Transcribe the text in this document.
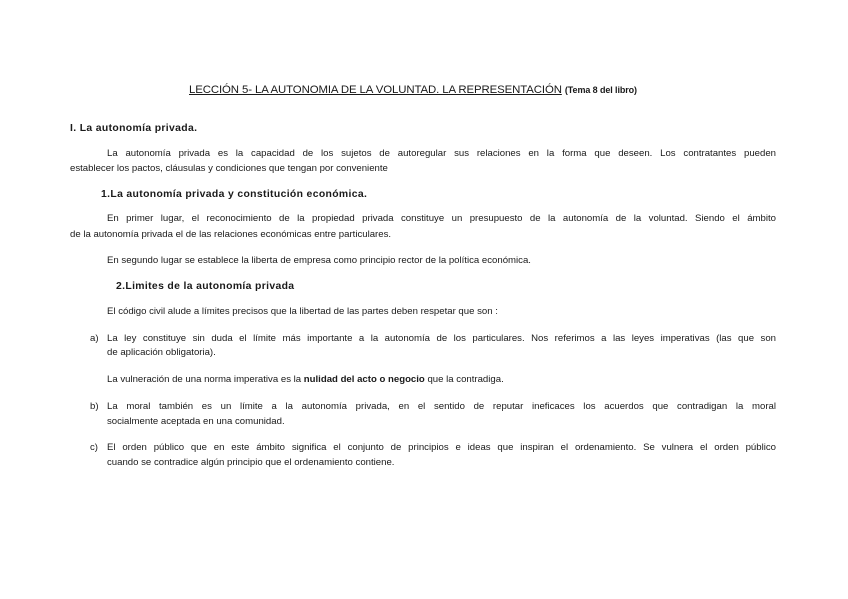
LECCIÓN 5- LA AUTONOMIA DE LA VOLUNTAD. LA REPRESENTACIÓN (Tema 8 del libro)
I. La autonomía privada.
La autonomía privada es la capacidad de los sujetos de autoregular sus relaciones en la forma que deseen. Los contratantes pueden
establecer los pactos, cláusulas y condiciones que tengan por conveniente
1.La autonomía privada y constitución económica.
En primer lugar, el reconocimiento de la propiedad privada constituye un presupuesto de la autonomía de la voluntad. Siendo el ámbito
de la autonomía privada el de las relaciones económicas entre particulares.
En segundo lugar se establece la liberta de empresa como principio rector de la política económica.
2.Limites de la autonomía privada
El código civil alude a límites precisos que la libertad de las partes deben respetar que son :
a) La ley constituye sin duda el límite más importante a la autonomía de los particulares. Nos referimos a las leyes imperativas (las que son
de aplicación obligatoria).
La vulneración de una norma imperativa es la nulidad del acto o negocio que la contradiga.
b) La moral también es un límite a la autonomía privada, en el sentido de reputar ineficaces los acuerdos que contradigan la moral
socialmente aceptada en una comunidad.
c) El orden público que en este ámbito significa el conjunto de principios e ideas que inspiran el ordenamiento. Se vulnera el orden público
cuando se contradice algún principio que el ordenamiento contiene.
